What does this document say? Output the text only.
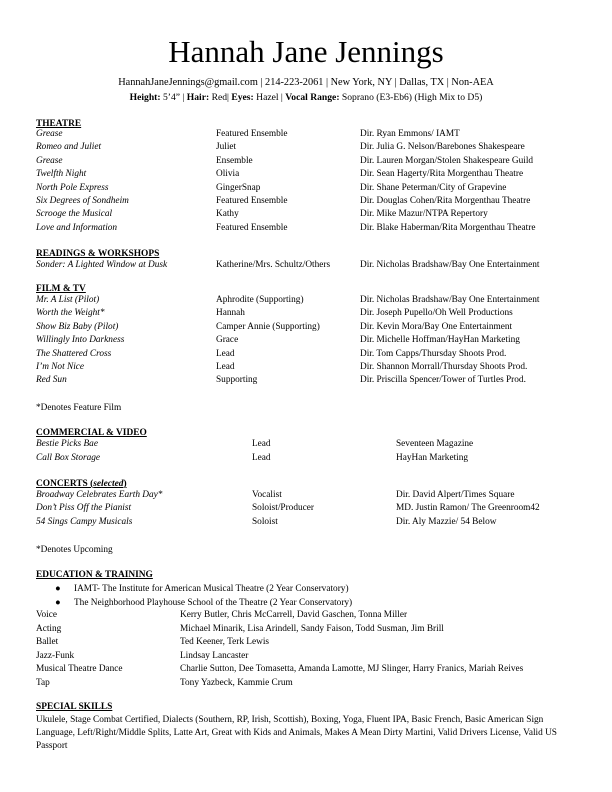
Hannah Jane Jennings
HannahJaneJennings@gmail.com | 214-223-2061 | New York, NY | Dallas, TX | Non-AEA
Height: 5’4” | Hair: Red| Eyes: Hazel | Vocal Range: Soprano (E3-Eb6) (High Mix to D5)
THEATRE
Grease	Featured Ensemble	Dir. Ryan Emmons/ IAMT
Romeo and Juliet	Juliet	Dir. Julia G. Nelson/Barebones Shakespeare
Grease	Ensemble	Dir. Lauren Morgan/Stolen Shakespeare Guild
Twelfth Night	Olivia	Dir. Sean Hagerty/Rita Morgenthau Theatre
North Pole Express	GingerSnap	Dir. Shane Peterman/City of Grapevine
Six Degrees of Sondheim	Featured Ensemble	Dir. Douglas Cohen/Rita Morgenthau Theatre
Scrooge the Musical	Kathy	Dir. Mike Mazur/NTPA Repertory
Love and Information	Featured Ensemble	Dir. Blake Haberman/Rita Morgenthau Theatre
READINGS & WORKSHOPS
Sonder: A Lighted Window at Dusk	Katherine/Mrs. Schultz/Others	Dir. Nicholas Bradshaw/Bay One Entertainment
FILM & TV
Mr. A List (Pilot)	Aphrodite (Supporting)	Dir. Nicholas Bradshaw/Bay One Entertainment
Worth the Weight*	Hannah	Dir. Joseph Pupello/Oh Well Productions
Show Biz Baby (Pilot)	Camper Annie (Supporting)	Dir. Kevin Mora/Bay One Entertainment
Willingly Into Darkness	Grace	Dir. Michelle Hoffman/HayHan Marketing
The Shattered Cross	Lead	Dir. Tom Capps/Thursday Shoots Prod.
I’m Not Nice	Lead	Dir. Shannon Morrall/Thursday Shoots Prod.
Red Sun	Supporting	Dir. Priscilla Spencer/Tower of Turtles Prod.
*Denotes Feature Film
COMMERCIAL & VIDEO
Bestie Picks Bae	Lead	Seventeen Magazine
Call Box Storage	Lead	HayHan Marketing
CONCERTS (selected)
Broadway Celebrates Earth Day*	Vocalist	Dir. David Alpert/Times Square
Don’t Piss Off the Pianist	Soloist/Producer	MD. Justin Ramon/ The Greenroom42
54 Sings Campy Musicals	Soloist	Dir. Aly Mazzie/ 54 Below
*Denotes Upcoming
EDUCATION & TRAINING
● IAMT- The Institute for American Musical Theatre (2 Year Conservatory)
● The Neighborhood Playhouse School of the Theatre (2 Year Conservatory)
Voice	Kerry Butler, Chris McCarrell, David Gaschen, Tonna Miller
Acting	Michael Minarik, Lisa Arindell, Sandy Faison, Todd Susman, Jim Brill
Ballet	Ted Keener, Terk Lewis
Jazz-Funk	Lindsay Lancaster
Musical Theatre Dance	Charlie Sutton, Dee Tomasetta, Amanda Lamotte, MJ Slinger, Harry Franics, Mariah Reives
Tap	Tony Yazbeck, Kammie Crum
SPECIAL SKILLS
Ukulele, Stage Combat Certified, Dialects (Southern, RP, Irish, Scottish), Boxing, Yoga, Fluent IPA, Basic French, Basic American Sign Language, Left/Right/Middle Splits, Latte Art, Great with Kids and Animals, Makes A Mean Dirty Martini, Valid Drivers License, Valid US Passport
